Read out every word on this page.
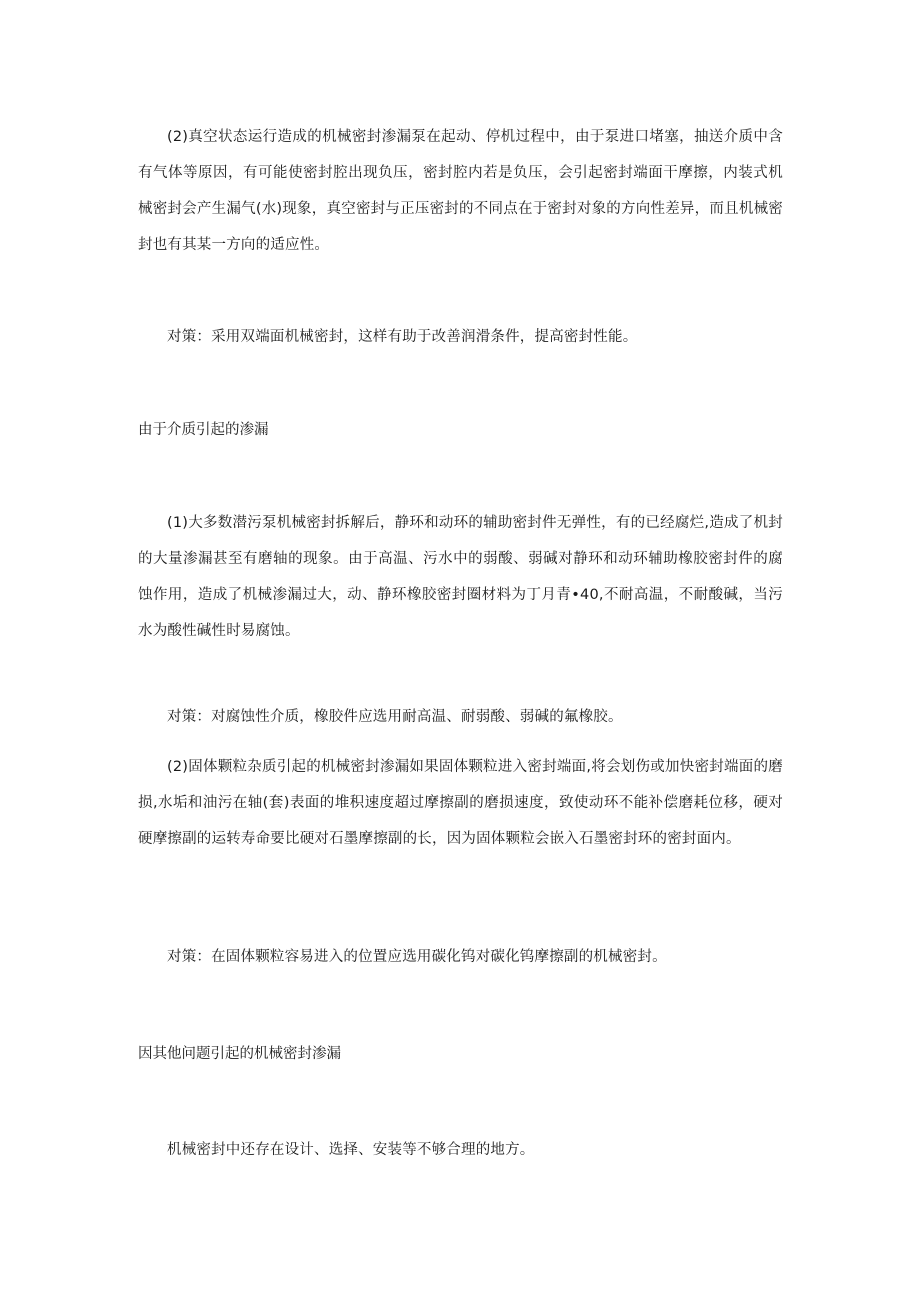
(2)真空状态运行造成的机械密封渗漏泵在起动、停机过程中，由于泵进口堵塞，抽送介质中含有气体等原因，有可能使密封腔出现负压，密封腔内若是负压，会引起密封端面干摩擦，内装式机械密封会产生漏气(水)现象，真空密封与正压密封的不同点在于密封对象的方向性差异，而且机械密封也有其某一方向的适应性。

对策：采用双端面机械密封，这样有助于改善润滑条件，提高密封性能。

由于介质引起的渗漏

(1)大多数潜污泵机械密封拆解后，静环和动环的辅助密封件无弹性，有的已经腐烂,造成了机封的大量渗漏甚至有磨轴的现象。由于高温、污水中的弱酸、弱碱对静环和动环辅助橡胶密封件的腐蚀作用，造成了机械渗漏过大，动、静环橡胶密封圈材料为丁月青•40,不耐高温，不耐酸碱，当污水为酸性碱性时易腐蚀。

对策：对腐蚀性介质，橡胶件应选用耐高温、耐弱酸、弱碱的氟橡胶。

(2)固体颗粒杂质引起的机械密封渗漏如果固体颗粒进入密封端面,将会划伤或加快密封端面的磨损,水垢和油污在轴(套)表面的堆积速度超过摩擦副的磨损速度，致使动环不能补偿磨耗位移，硬对硬摩擦副的运转寿命要比硬对石墨摩擦副的长，因为固体颗粒会嵌入石墨密封环的密封面内。

对策：在固体颗粒容易进入的位置应选用碳化钨对碳化钨摩擦副的机械密封。

因其他问题引起的机械密封渗漏

机械密封中还存在设计、选择、安装等不够合理的地方。
